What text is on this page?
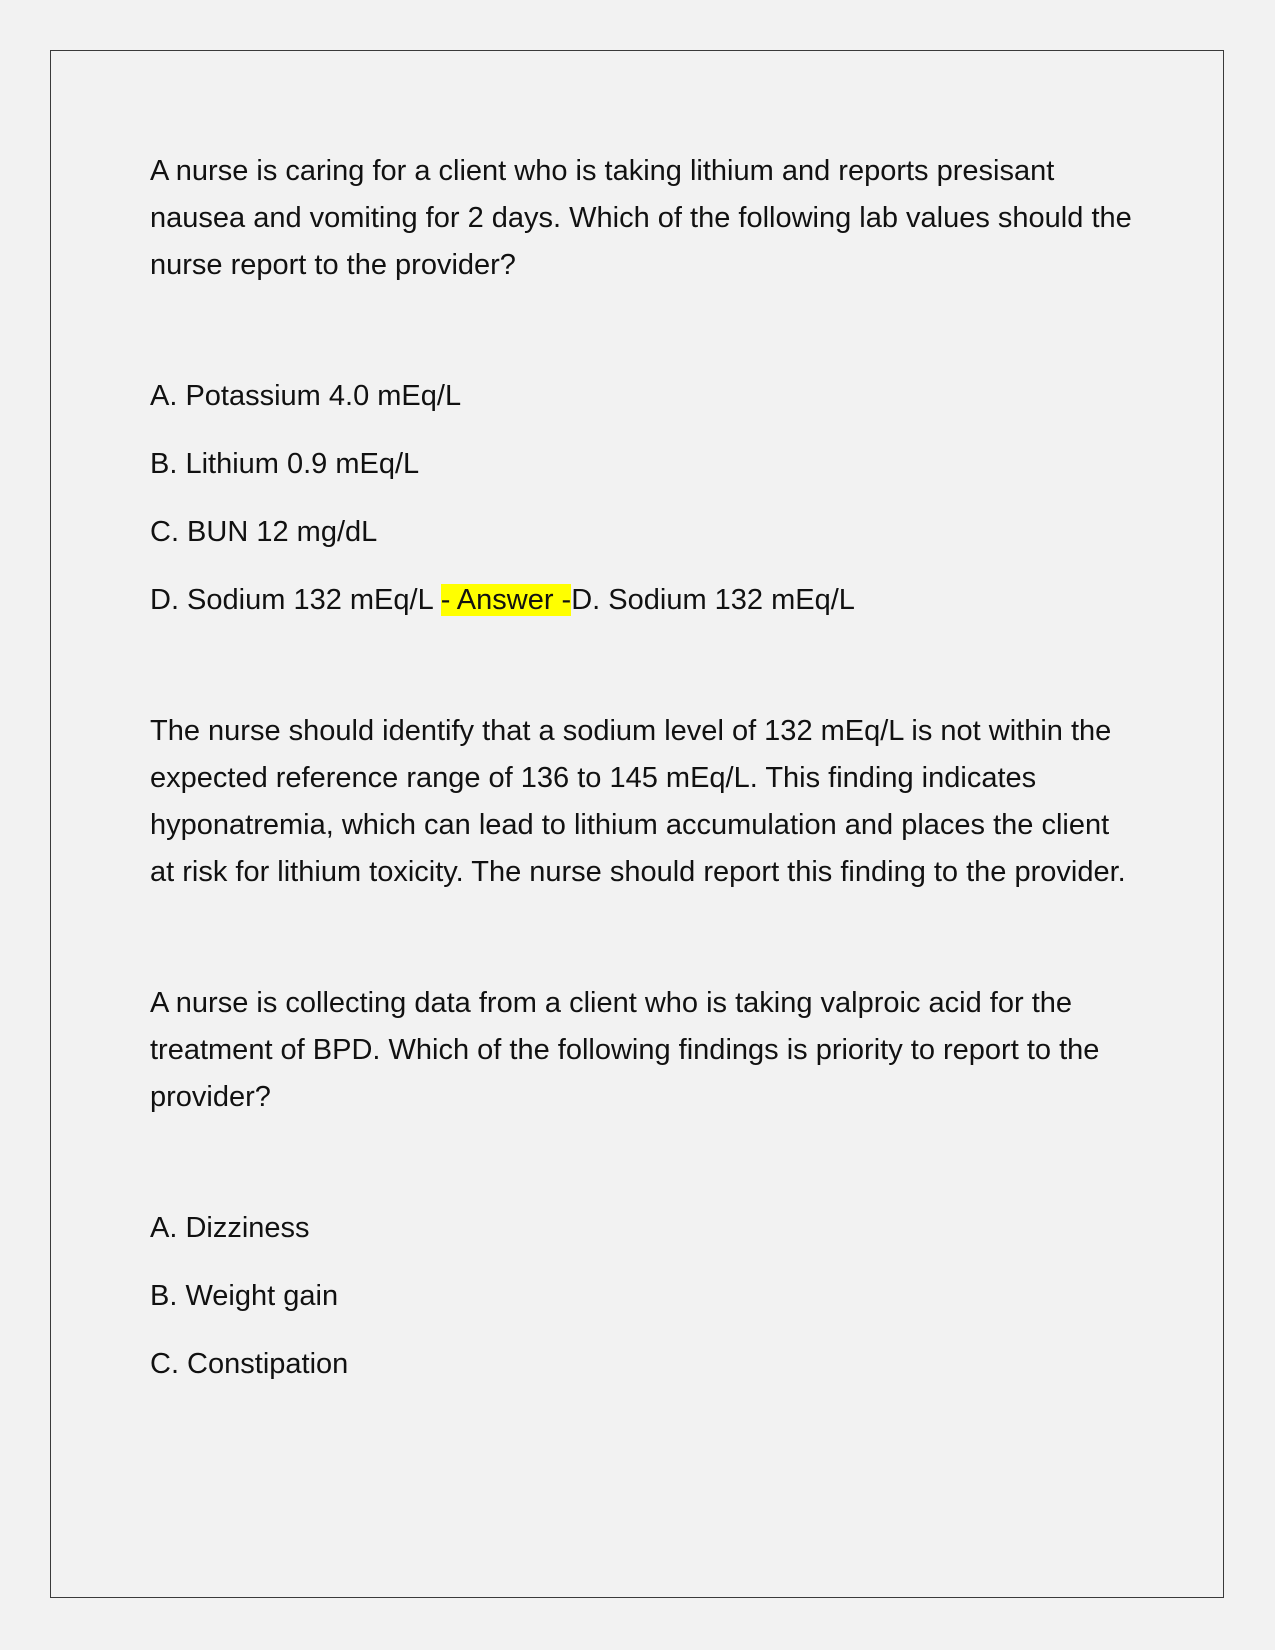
A nurse is caring for a client who is taking lithium and reports presisant nausea and vomiting for 2 days. Which of the following lab values should the nurse report to the provider?

A. Potassium 4.0 mEq/L

B. Lithium 0.9 mEq/L

C. BUN 12 mg/dL

D. Sodium 132 mEq/L - Answer -D. Sodium 132 mEq/L

The nurse should identify that a sodium level of 132 mEq/L is not within the expected reference range of 136 to 145 mEq/L. This finding indicates hyponatremia, which can lead to lithium accumulation and places the client at risk for lithium toxicity. The nurse should report this finding to the provider.

A nurse is collecting data from a client who is taking valproic acid for the treatment of BPD. Which of the following findings is priority to report to the provider?

A. Dizziness

B. Weight gain

C. Constipation
